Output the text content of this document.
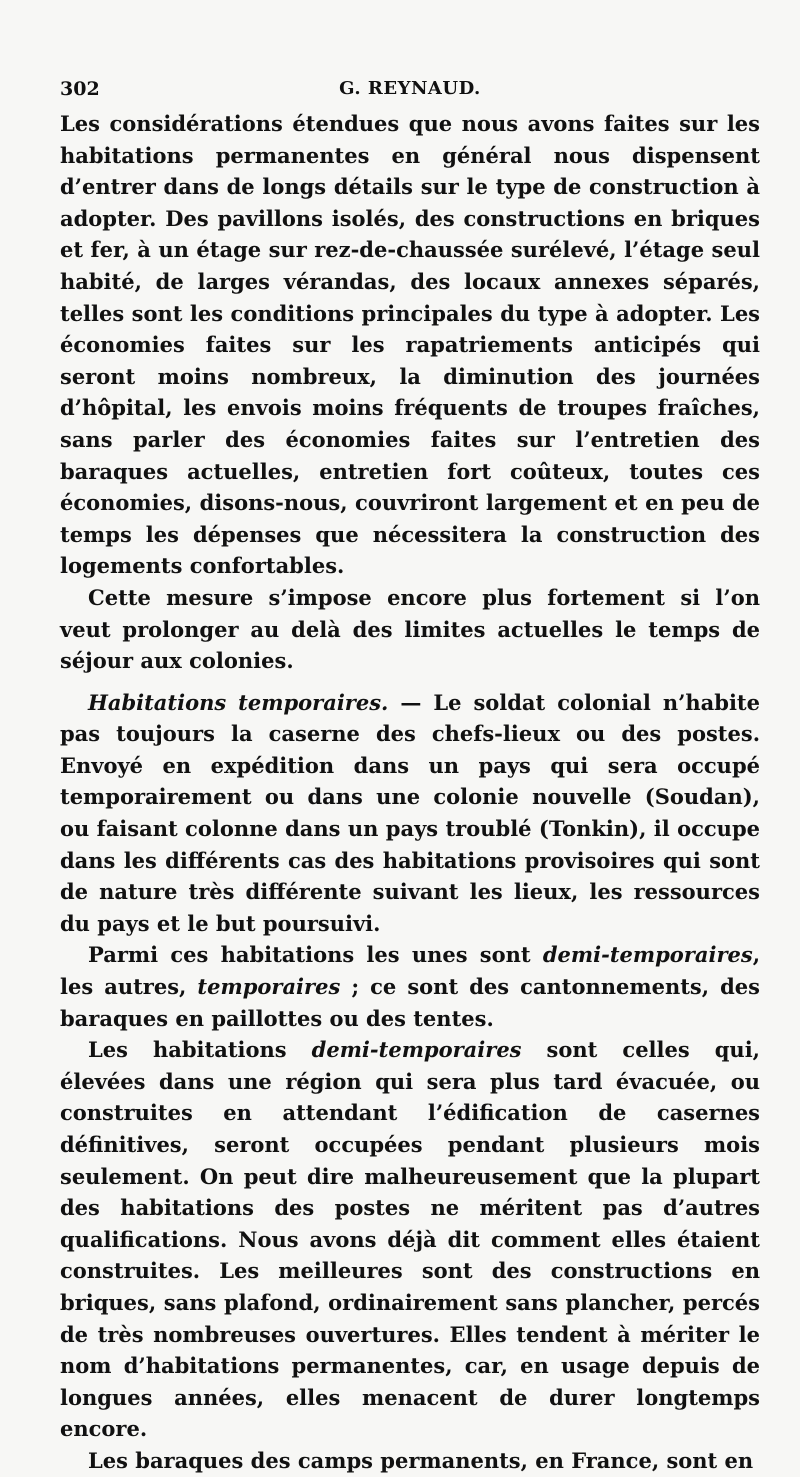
302	G. REYNAUD.

Les considérations étendues que nous avons faites sur les habitations permanentes en général nous dispensent d’entrer dans de longs détails sur le type de construction à adopter. Des pavillons isolés, des constructions en briques et fer, à un étage sur rez-de-chaussée surélevé, l’étage seul habité, de larges vérandas, des locaux annexes séparés, telles sont les conditions principales du type à adopter. Les économies faites sur les rapatriements anticipés qui seront moins nombreux, la diminution des journées d’hôpital, les envois moins fréquents de troupes fraîches, sans parler des économies faites sur l’entretien des baraques actuelles, entretien fort coûteux, toutes ces économies, disons-nous, couvriront largement et en peu de temps les dépenses que nécessitera la construction des logements confortables.

Cette mesure s’impose encore plus fortement si l’on veut prolonger au delà des limites actuelles le temps de séjour aux colonies.

Habitations temporaires. — Le soldat colonial n’habite pas toujours la caserne des chefs-lieux ou des postes. Envoyé en expédition dans un pays qui sera occupé temporairement ou dans une colonie nouvelle (Soudan), ou faisant colonne dans un pays troublé (Tonkin), il occupe dans les différents cas des habitations provisoires qui sont de nature très différente suivant les lieux, les ressources du pays et le but poursuivi.

Parmi ces habitations les unes sont demi-temporaires, les autres, temporaires ; ce sont des cantonnements, des baraques en paillottes ou des tentes.

Les habitations demi-temporaires sont celles qui, élevées dans une région qui sera plus tard évacuée, ou construites en attendant l’édification de casernes définitives, seront occupées pendant plusieurs mois seulement. On peut dire malheureusement que la plupart des habitations des postes ne méritent pas d’autres qualifications. Nous avons déjà dit comment elles étaient construites. Les meilleures sont des constructions en briques, sans plafond, ordinairement sans plancher, percés de très nombreuses ouvertures. Elles tendent à mériter le nom d’habitations permanentes, car, en usage depuis de longues années, elles menacent de durer longtemps encore.

Les baraques des camps permanents, en France, sont en
